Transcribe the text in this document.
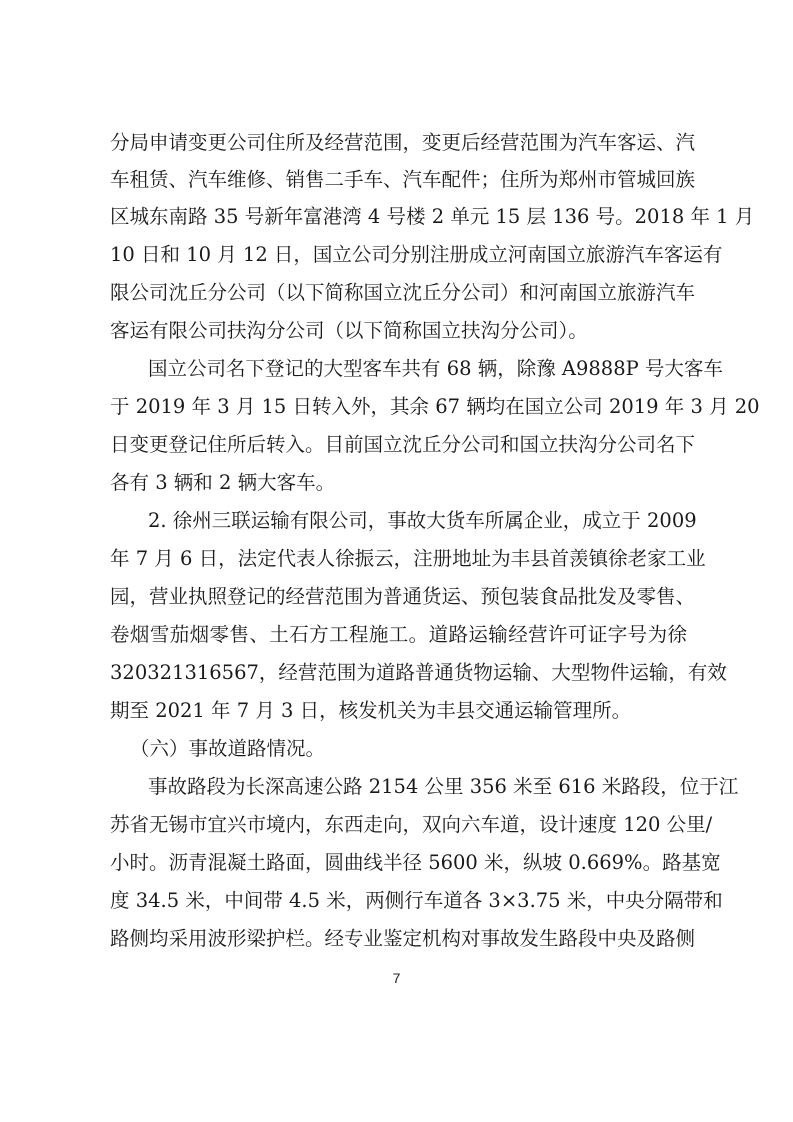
分局申请变更公司住所及经营范围，变更后经营范围为汽车客运、汽
车租赁、汽车维修、销售二手车、汽车配件；住所为郑州市管城回族
区城东南路 35 号新年富港湾 4 号楼 2 单元 15 层 136 号。2018 年 1 月
10 日和 10 月 12 日，国立公司分别注册成立河南国立旅游汽车客运有
限公司沈丘分公司（以下简称国立沈丘分公司）和河南国立旅游汽车
客运有限公司扶沟分公司（以下简称国立扶沟分公司）。
国立公司名下登记的大型客车共有 68 辆，除豫 A9888P 号大客车
于 2019 年 3 月 15 日转入外，其余 67 辆均在国立公司 2019 年 3 月 20
日变更登记住所后转入。目前国立沈丘分公司和国立扶沟分公司名下
各有 3 辆和 2 辆大客车。
2. 徐州三联运输有限公司，事故大货车所属企业，成立于 2009
年 7 月 6 日，法定代表人徐振云，注册地址为丰县首羡镇徐老家工业
园，营业执照登记的经营范围为普通货运、预包装食品批发及零售、
卷烟雪茄烟零售、土石方工程施工。道路运输经营许可证字号为徐
320321316567，经营范围为道路普通货物运输、大型物件运输，有效
期至 2021 年 7 月 3 日，核发机关为丰县交通运输管理所。
（六）事故道路情况。
事故路段为长深高速公路 2154 公里 356 米至 616 米路段，位于江
苏省无锡市宜兴市境内，东西走向，双向六车道，设计速度 120 公里/
小时。沥青混凝土路面，圆曲线半径 5600 米，纵坡 0.669%。路基宽
度 34.5 米，中间带 4.5 米，两侧行车道各 3×3.75 米，中央分隔带和
路侧均采用波形梁护栏。经专业鉴定机构对事故发生路段中央及路侧
7
